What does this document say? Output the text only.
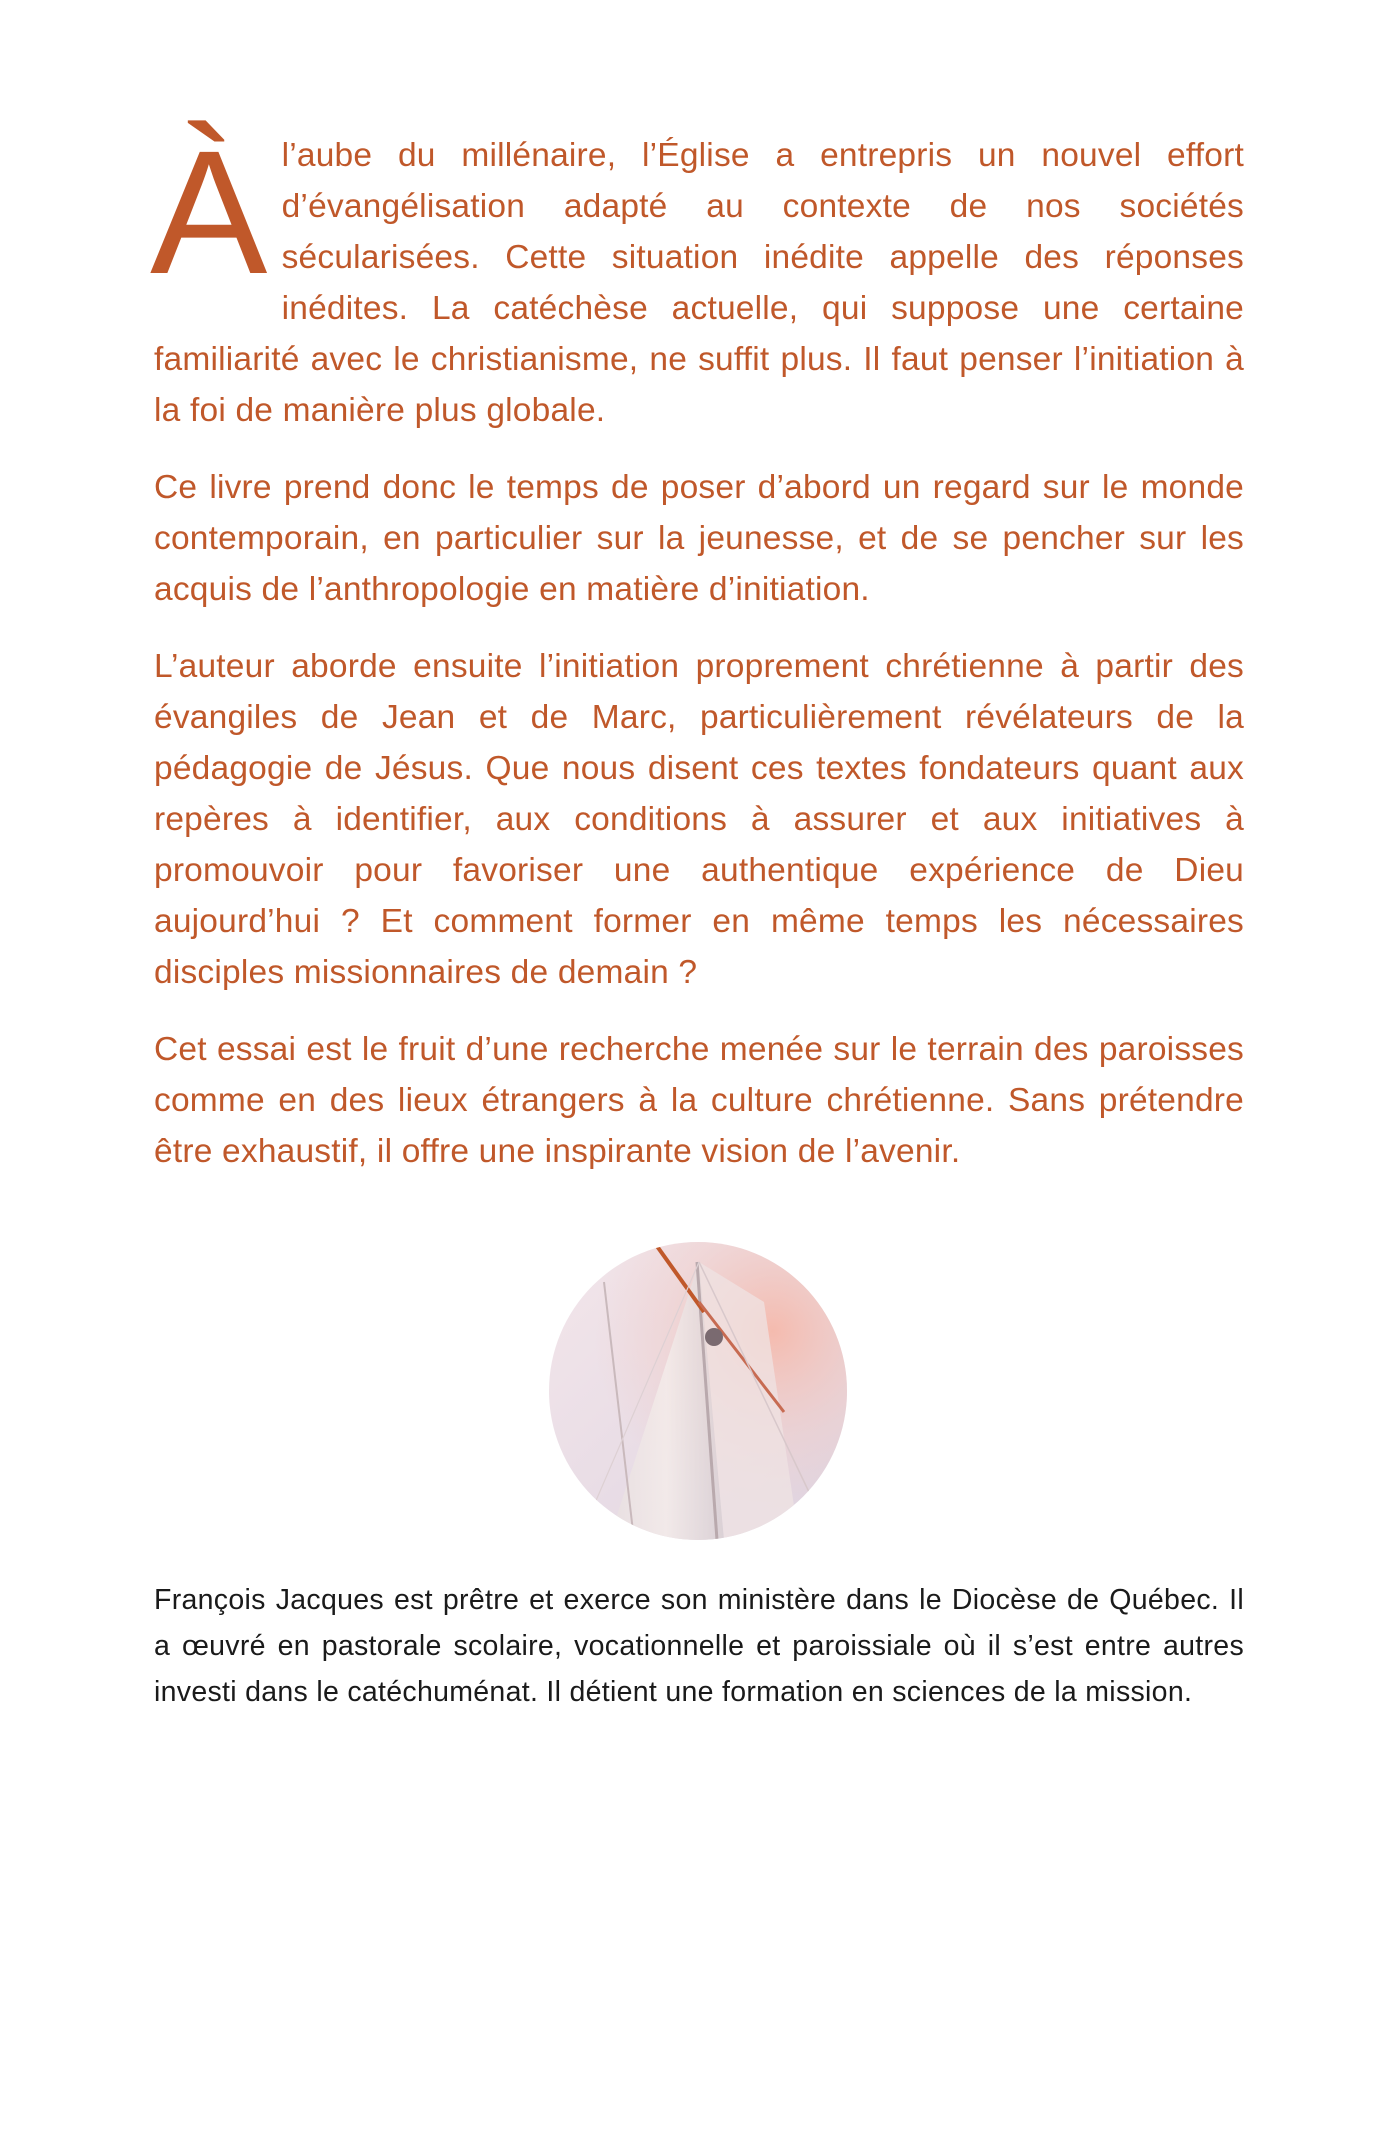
Àl’aube du millénaire, l’Église a entrepris un nouvel effort d’évangélisation adapté au contexte de nos sociétés sécularisées. Cette situation inédite appelle des réponses inédites. La catéchèse actuelle, qui suppose une certaine familiarité avec le christianisme, ne suffit plus. Il faut penser l’initiation à la foi de manière plus globale.

Ce livre prend donc le temps de poser d’abord un regard sur le monde contemporain, en particulier sur la jeunesse, et de se pencher sur les acquis de l’anthropologie en matière d’initiation.

L’auteur aborde ensuite l’initiation proprement chrétienne à partir des évangiles de Jean et de Marc, particulièrement révélateurs de la pédagogie de Jésus. Que nous disent ces textes fondateurs quant aux repères à identifier, aux conditions à assurer et aux initiatives à promouvoir pour favoriser une authentique expérience de Dieu aujourd’hui ? Et comment former en même temps les nécessaires disciples missionnaires de demain ?

Cet essai est le fruit d’une recherche menée sur le terrain des paroisses comme en des lieux étrangers à la culture chrétienne. Sans prétendre être exhaustif, il offre une inspirante vision de l’avenir.

François Jacques est prêtre et exerce son ministère dans le Diocèse de Québec. Il a œuvré en pastorale scolaire, vocationnelle et paroissiale où il s’est entre autres investi dans le catéchuménat. Il détient une formation en sciences de la mission.
